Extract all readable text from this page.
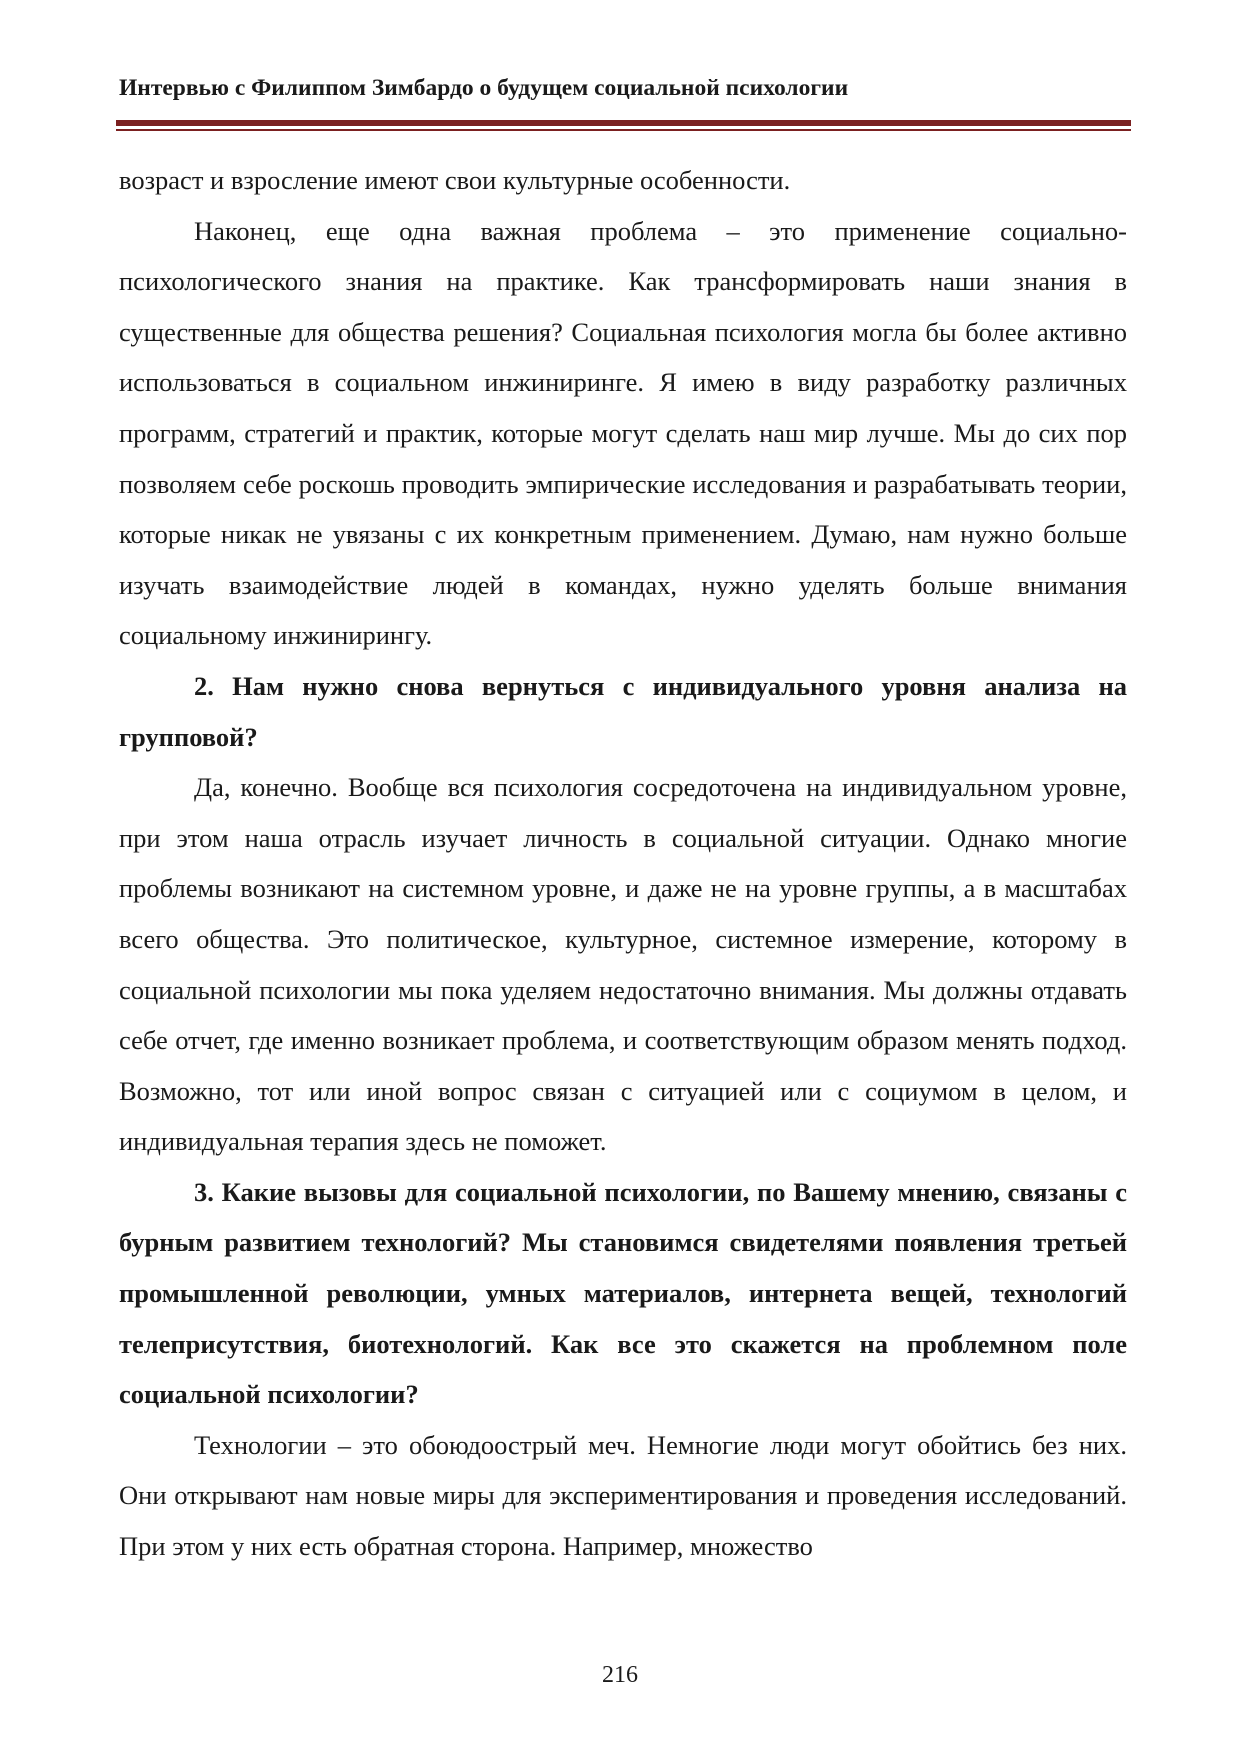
Интервью с Филиппом Зимбардо о будущем социальной психологии

возраст и взросление имеют свои культурные особенности.

Наконец, еще одна важная проблема – это применение социально-психологического знания на практике. Как трансформировать наши знания в существенные для общества решения? Социальная психология могла бы более активно использоваться в социальном инжиниринге. Я имею в виду разработку различных программ, стратегий и практик, которые могут сделать наш мир лучше. Мы до сих пор позволяем себе роскошь проводить эмпирические исследования и разрабатывать теории, которые никак не увязаны с их конкретным применением. Думаю, нам нужно больше изучать взаимодействие людей в командах, нужно уделять больше внимания социальному инжинирингу.

2. Нам нужно снова вернуться с индивидуального уровня анализа на групповой?

Да, конечно. Вообще вся психология сосредоточена на индивидуальном уровне, при этом наша отрасль изучает личность в социальной ситуации. Однако многие проблемы возникают на системном уровне, и даже не на уровне группы, а в масштабах всего общества. Это политическое, культурное, системное измерение, которому в социальной психологии мы пока уделяем недостаточно внимания. Мы должны отдавать себе отчет, где именно возникает проблема, и соответствующим образом менять подход. Возможно, тот или иной вопрос связан с ситуацией или с социумом в целом, и индивидуальная терапия здесь не поможет.

3. Какие вызовы для социальной психологии, по Вашему мнению, связаны с бурным развитием технологий? Мы становимся свидетелями появления третьей промышленной революции, умных материалов, интернета вещей, технологий телеприсутствия, биотехнологий. Как все это скажется на проблемном поле социальной психологии?

Технологии – это обоюдоострый меч. Немногие люди могут обойтись без них. Они открывают нам новые миры для экспериментирования и проведения исследований. При этом у них есть обратная сторона. Например, множество

216
